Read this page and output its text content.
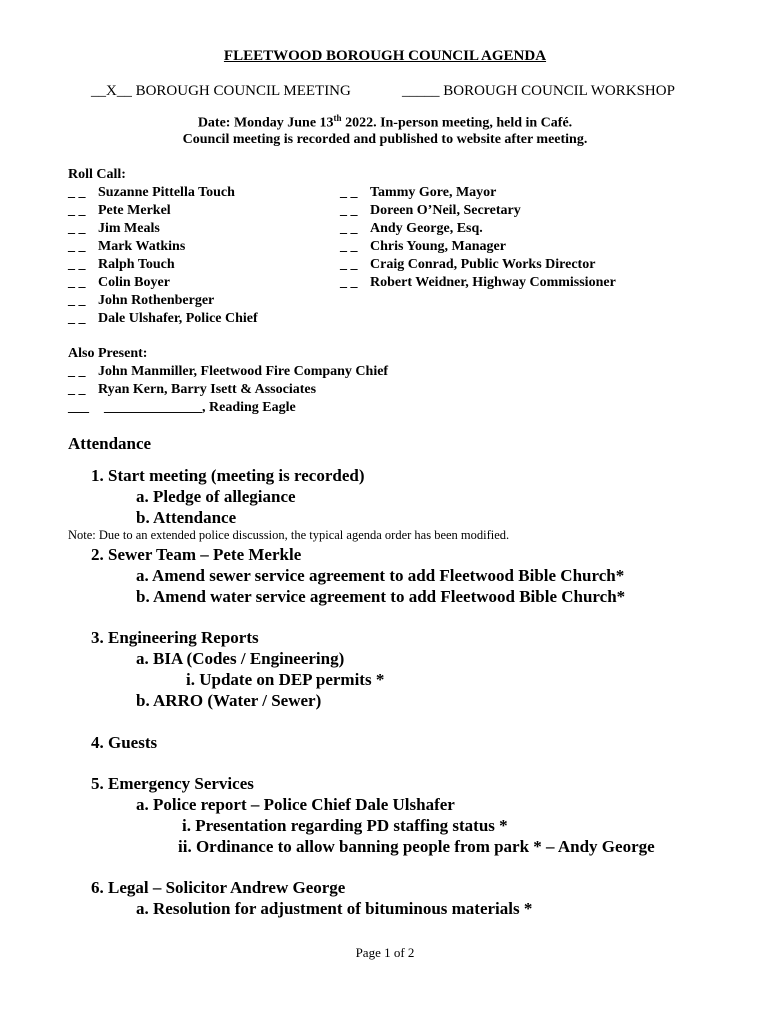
FLEETWOOD BOROUGH COUNCIL AGENDA
__X__ BOROUGH COUNCIL MEETING	_____ BOROUGH COUNCIL WORKSHOP
Date: Monday June 13th 2022. In-person meeting, held in Café.
Council meeting is recorded and published to website after meeting.
Roll Call:
_ _ Suzanne Pittella Touch
_ _ Pete Merkel
_ _ Jim Meals
_ _ Mark Watkins
_ _ Ralph Touch
_ _ Colin Boyer
_ _ John Rothenberger
_ _ Dale Ulshafer, Police Chief
_ _ Tammy Gore, Mayor
_ _ Doreen O’Neil, Secretary
_ _ Andy George, Esq.
_ _ Chris Young, Manager
_ _ Craig Conrad, Public Works Director
_ _ Robert Weidner, Highway Commissioner
Also Present:
_ _ John Manmiller, Fleetwood Fire Company Chief
_ _ Ryan Kern, Barry Isett & Associates
___	______________, Reading Eagle
Attendance
1. Start meeting (meeting is recorded)
a. Pledge of allegiance
b. Attendance
Note: Due to an extended police discussion, the typical agenda order has been modified.
2. Sewer Team – Pete Merkle
a. Amend sewer service agreement to add Fleetwood Bible Church*
b. Amend water service agreement to add Fleetwood Bible Church*
3. Engineering Reports
a. BIA (Codes / Engineering)
i. Update on DEP permits *
b. ARRO (Water / Sewer)
4. Guests
5. Emergency Services
a. Police report – Police Chief Dale Ulshafer
i. Presentation regarding PD staffing status *
ii. Ordinance to allow banning people from park * – Andy George
6. Legal – Solicitor Andrew George
a. Resolution for adjustment of bituminous materials *
Page 1 of 2
